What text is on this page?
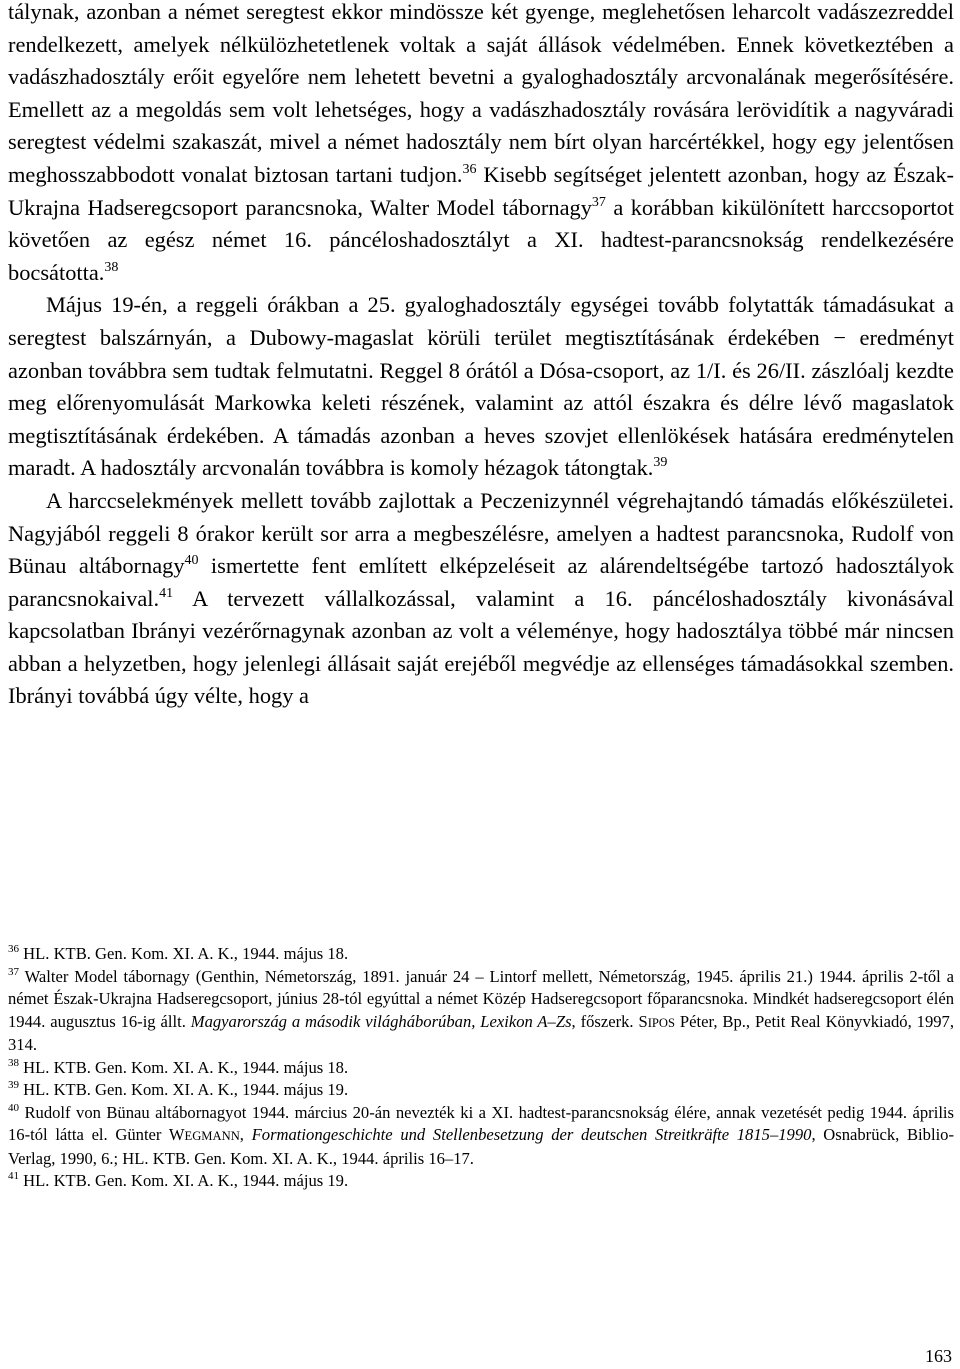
tálynak, azonban a német seregtest ekkor mindössze két gyenge, meglehetősen leharcolt vadászezreddel rendelkezett, amelyek nélkülözhetetlenek voltak a saját állások védelmében. Ennek következtében a vadászhadosztály erőit egyelőre nem lehetett bevetni a gyaloghadosztály arcvonalának megerősítésére. Emellett az a megoldás sem volt lehetséges, hogy a vadászhadosztály rovására lerövidítik a nagyváradi seregtest védelmi szakaszát, mivel a német hadosztály nem bírt olyan harcértékkel, hogy egy jelentősen meghosszabbodott vonalat biztosan tartani tudjon.$^{36}$ Kisebb segítséget jelentett azonban, hogy az Észak-Ukrajna Hadseregcsoport parancsnoka, Walter Model tábornagy$^{37}$ a korábban kikülönített harccsoportot követően az egész német 16. páncéloshadosztályt a XI. hadtest-parancsnokság rendelkezésére bocsátotta.$^{38}$

Május 19-én, a reggeli órákban a 25. gyaloghadosztály egységei tovább folytatták támadásukat a seregtest balszárnyán, a Dubowy-magaslat körüli terület megtisztításának érdekében − eredményt azonban továbbra sem tudtak felmutatni. Reggel 8 órától a Dósa-csoport, az 1/I. és 26/II. zászlóalj kezdte meg előrenyomulását Markowka keleti részének, valamint az attól északra és délre lévő magaslatok megtisztításának érdekében. A támadás azonban a heves szovjet ellenlökések hatására eredménytelen maradt. A hadosztály arcvonalán továbbra is komoly hézagok tátongtak.$^{39}$

A harccselekmények mellett tovább zajlottak a Peczenizynnél végrehajtandó támadás előkészületei. Nagyjából reggeli 8 órakor került sor arra a megbeszélésre, amelyen a hadtest parancsnoka, Rudolf von Bünau altábornagy$^{40}$ ismertette fent említett elképzeléseit az alárendeltségébe tartozó hadosztályok parancsnokaival.$^{41}$ A tervezett vállalkozással, valamint a 16. páncéloshadosztály kivonásával kapcsolatban Ibrányi vezérőrnagynak azonban az volt a véleménye, hogy hadosztálya többé már nincsen abban a helyzetben, hogy jelenlegi állásait saját erejéből megvédje az ellenséges támadásokkal szemben. Ibrányi továbbá úgy vélte, hogy a

$^{36}$ HL. KTB. Gen. Kom. XI. A. K., 1944. május 18.

$^{37}$ Walter Model tábornagy (Genthin, Németország, 1891. január 24 – Lintorf mellett, Németország, 1945. április 21.) 1944. április 2-től a német Észak-Ukrajna Hadseregcsoport, június 28-tól egyúttal a német Közép Hadseregcsoport főparancsnoka. Mindkét hadseregcsoport élén 1944. augusztus 16-ig állt. Magyarország a második világháborúban, Lexikon A–Zs, főszerk. SIPOS Péter, Bp., Petit Real Könyvkiadó, 1997, 314.

$^{38}$ HL. KTB. Gen. Kom. XI. A. K., 1944. május 18.

$^{39}$ HL. KTB. Gen. Kom. XI. A. K., 1944. május 19.

$^{40}$ Rudolf von Bünau altábornagyot 1944. március 20-án nevezték ki a XI. hadtest-parancsnokság élére, annak vezetését pedig 1944. április 16-tól látta el. Günter WEGMANN, Formationgeschichte und Stellenbesetzung der deutschen Streitkräfte 1815–1990, Osnabrück, Biblio-Verlag, 1990, 6.; HL. KTB. Gen. Kom. XI. A. K., 1944. április 16–17.

$^{41}$ HL. KTB. Gen. Kom. XI. A. K., 1944. május 19.

163
